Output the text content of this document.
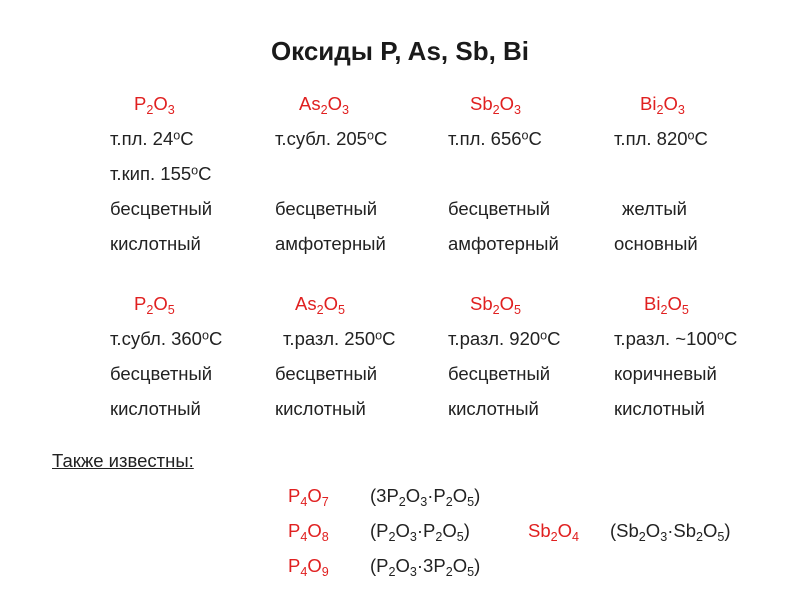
Оксиды P, As, Sb, Bi
$P_2O_3$
т.пл. $24^оС$
т.кип. $155^оС$
бесцветный
кислотный
$As_2O_3$
т.субл. $205^оС$
бесцветный
амфотерный
$Sb_2O_3$
т.пл. $656^оС$
бесцветный
амфотерный
$Bi_2O_3$
т.пл. $820^оС$
желтый
основный
$P_2O_5$
т.субл. $360^оС$
бесцветный
кислотный
$As_2O_5$
т.разл. $250^оС$
бесцветный
кислотный
$Sb_2O_5$
т.разл. $920^оС$
бесцветный
кислотный
$Bi_2O_5$
т.разл. $\sim 100^оС$
коричневый
кислотный
Также известны:
$P_4O_7$ $(3P_2O_3\cdot P_2O_5)$
$P_4O_8$ $(P_2O_3\cdot P_2O_5)$
$P_4O_9$ $(P_2O_3\cdot 3P_2O_5)$
$Sb_2O_4$ $(Sb_2O_3\cdot Sb_2O_5)$
